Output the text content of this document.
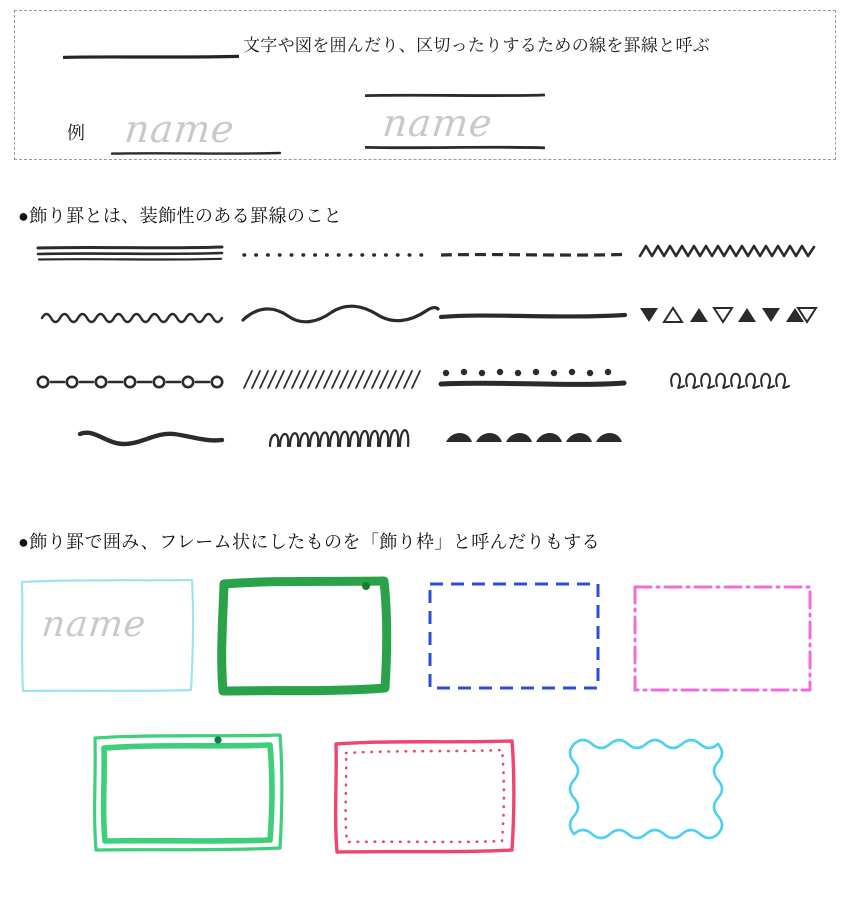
文字や図を囲んだり、区切ったりするための線を罫線と呼ぶ
例 name	name
●飾り罫とは、装飾性のある罫線のこと
●飾り罫で囲み、フレーム状にしたものを「飾り枠」と呼んだりもする
name
